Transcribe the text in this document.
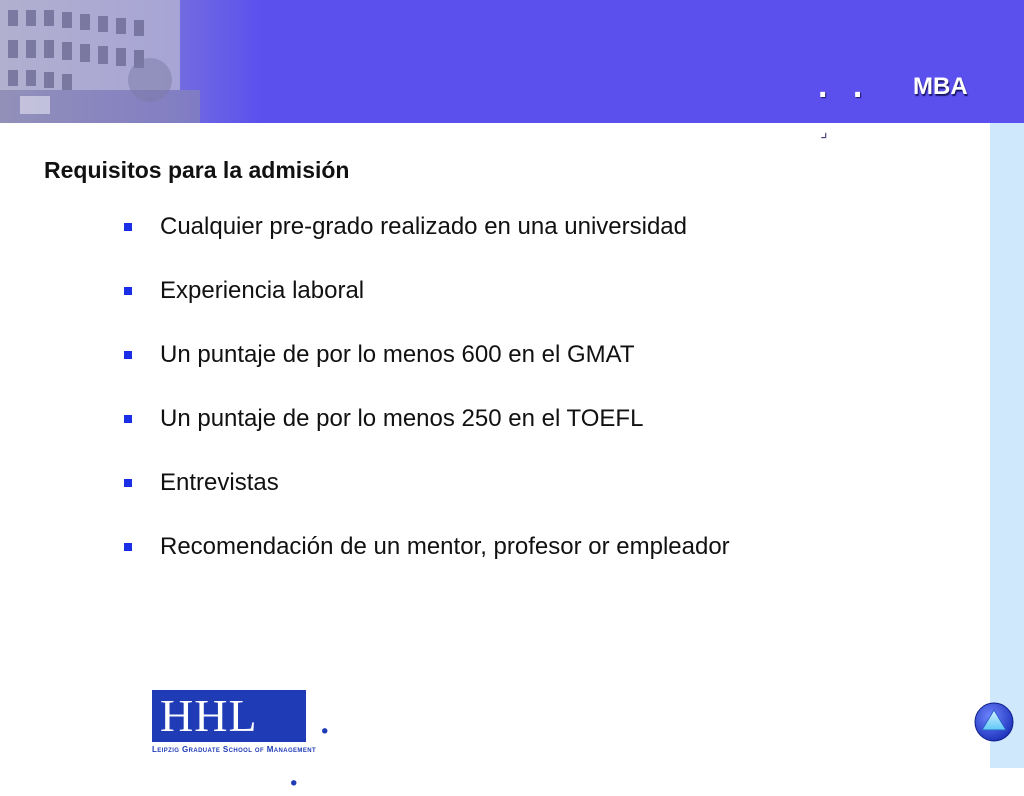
. . .
MBA
Requisitos para la admisión
Cualquier pre-grado realizado en una universidad
Experiencia laboral
Un puntaje de por lo menos 600 en el GMAT
Un puntaje de por lo menos 250 en el TOEFL
Entrevistas
Recomendación de un mentor, profesor or empleador
HHL . . .
Leipzig Graduate School of Management
